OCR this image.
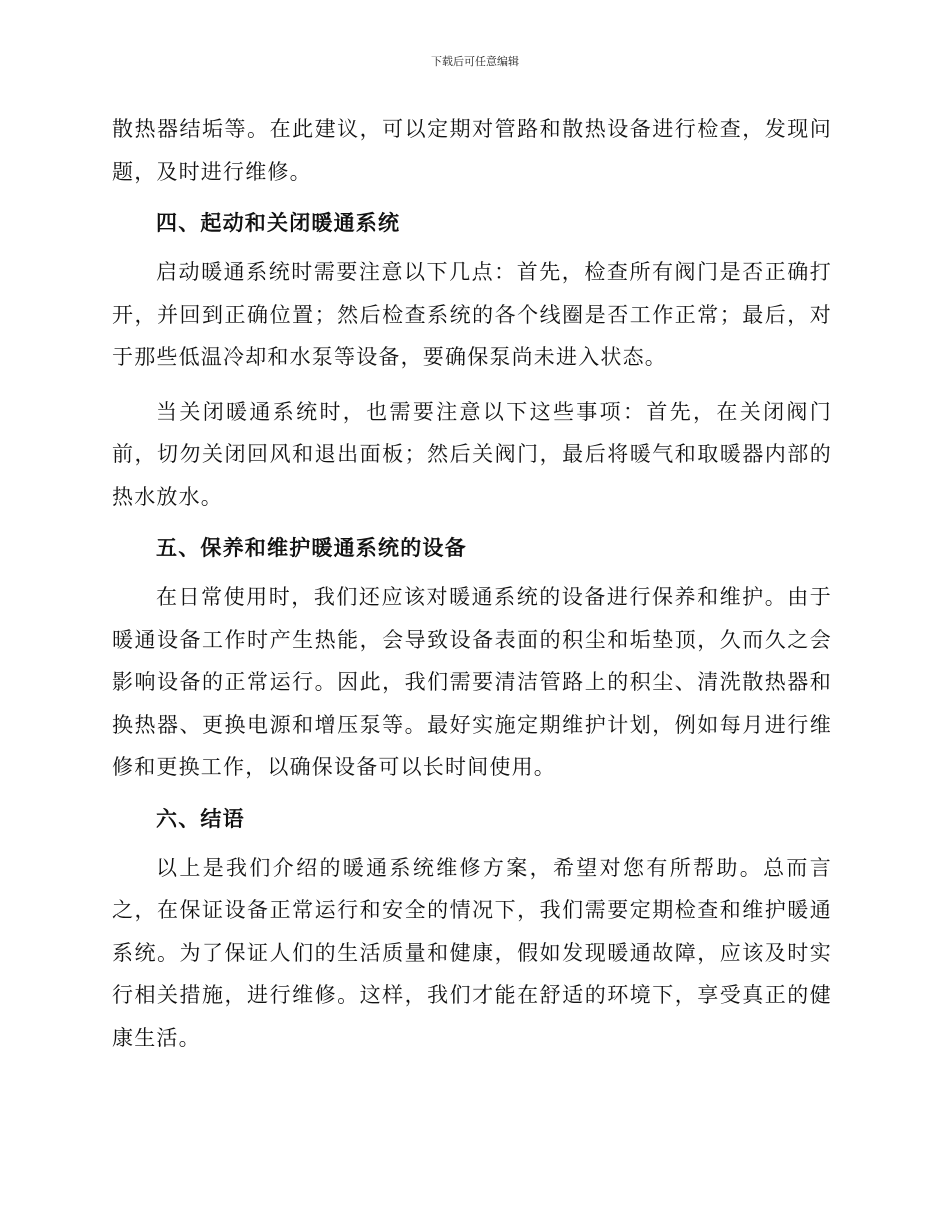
下载后可任意编辑

散热器结垢等。在此建议，可以定期对管路和散热设备进行检查，发现问题，及时进行维修。

四、起动和关闭暖通系统

启动暖通系统时需要注意以下几点：首先，检查所有阀门是否正确打开，并回到正确位置；然后检查系统的各个线圈是否工作正常；最后，对于那些低温冷却和水泵等设备，要确保泵尚未进入状态。

当关闭暖通系统时，也需要注意以下这些事项：首先，在关闭阀门前，切勿关闭回风和退出面板；然后关阀门，最后将暖气和取暖器内部的热水放水。

五、保养和维护暖通系统的设备

在日常使用时，我们还应该对暖通系统的设备进行保养和维护。由于暖通设备工作时产生热能，会导致设备表面的积尘和垢垫顶，久而久之会影响设备的正常运行。因此，我们需要清洁管路上的积尘、清洗散热器和换热器、更换电源和增压泵等。最好实施定期维护计划，例如每月进行维修和更换工作，以确保设备可以长时间使用。

六、结语

以上是我们介绍的暖通系统维修方案，希望对您有所帮助。总而言之，在保证设备正常运行和安全的情况下，我们需要定期检查和维护暖通系统。为了保证人们的生活质量和健康，假如发现暖通故障，应该及时实行相关措施，进行维修。这样，我们才能在舒适的环境下，享受真正的健康生活。
